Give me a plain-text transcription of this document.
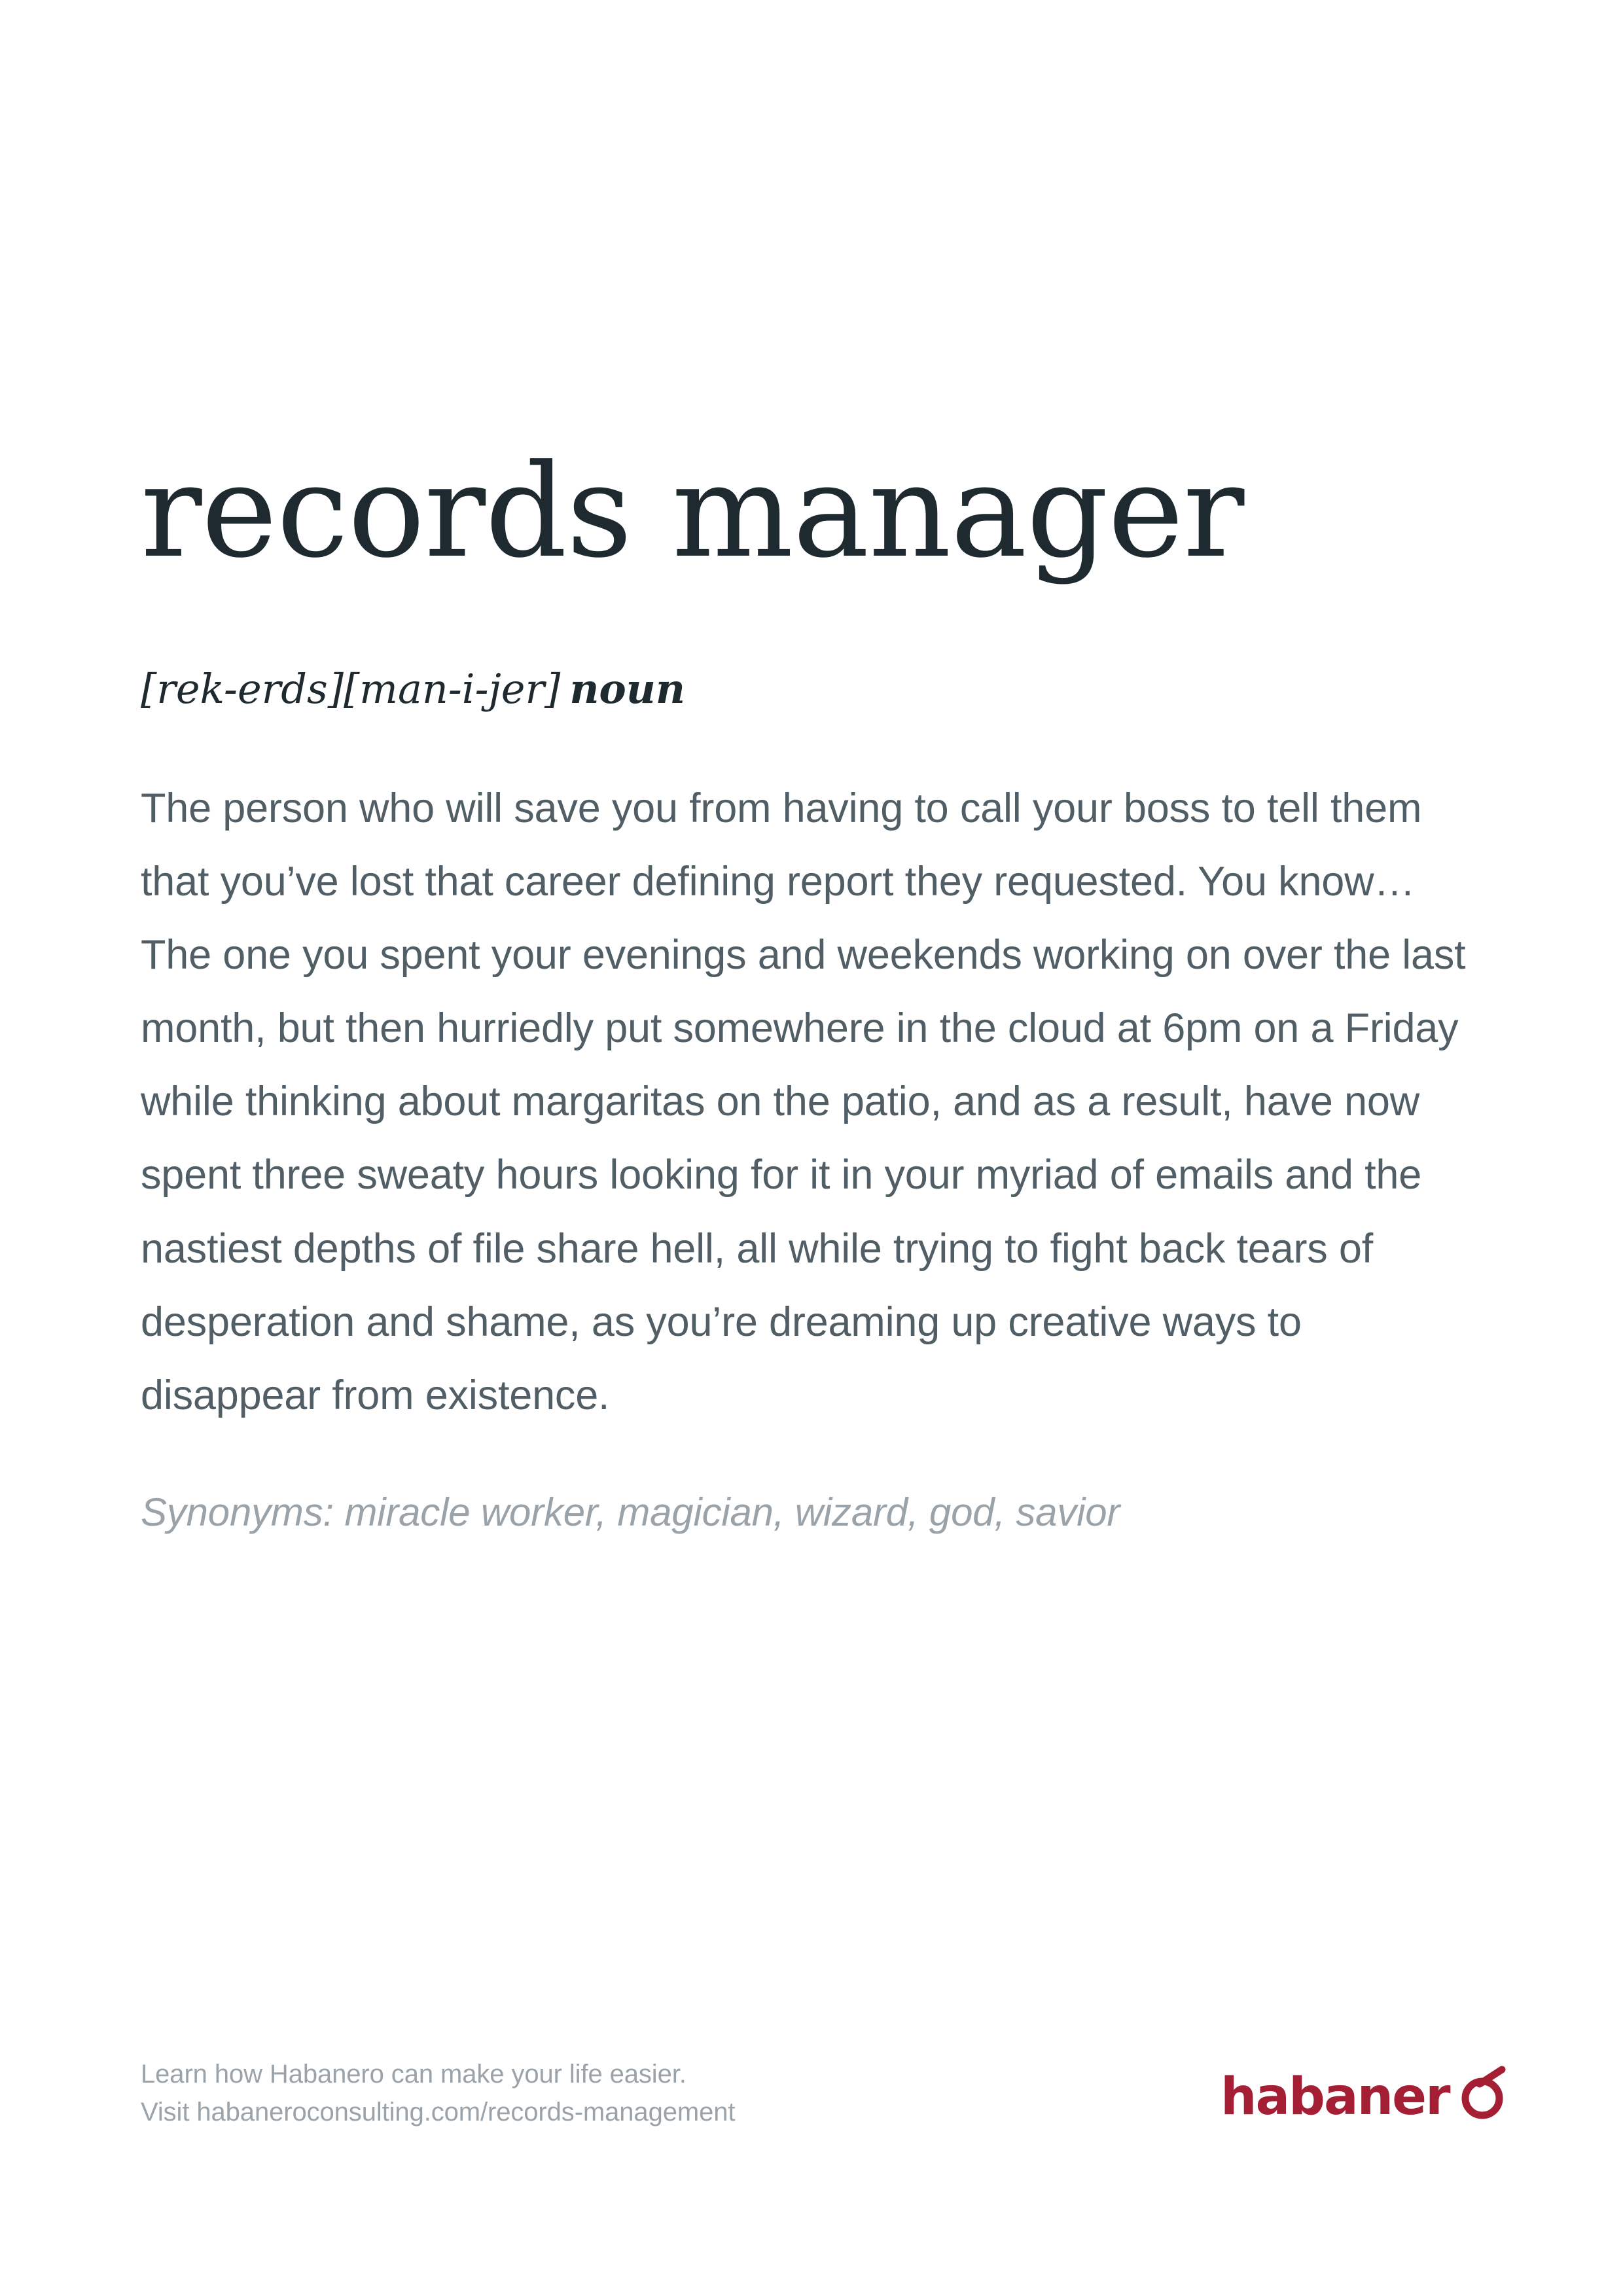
records manager
[rek-erds][man-i-jer] noun

The person who will save you from having to call your boss to tell them that you’ve lost that career defining report they requested. You know… The one you spent your evenings and weekends working on over the last month, but then hurriedly put somewhere in the cloud at 6pm on a Friday while thinking about margaritas on the patio, and as a result, have now spent three sweaty hours looking for it in your myriad of emails and the nastiest depths of file share hell, all while trying to fight back tears of desperation and shame, as you’re dreaming up creative ways to disappear from existence.

Synonyms: miracle worker, magician, wizard, god, savior

Learn how Habanero can make your life easier.
Visit habaneroconsulting.com/records-management	habaner
